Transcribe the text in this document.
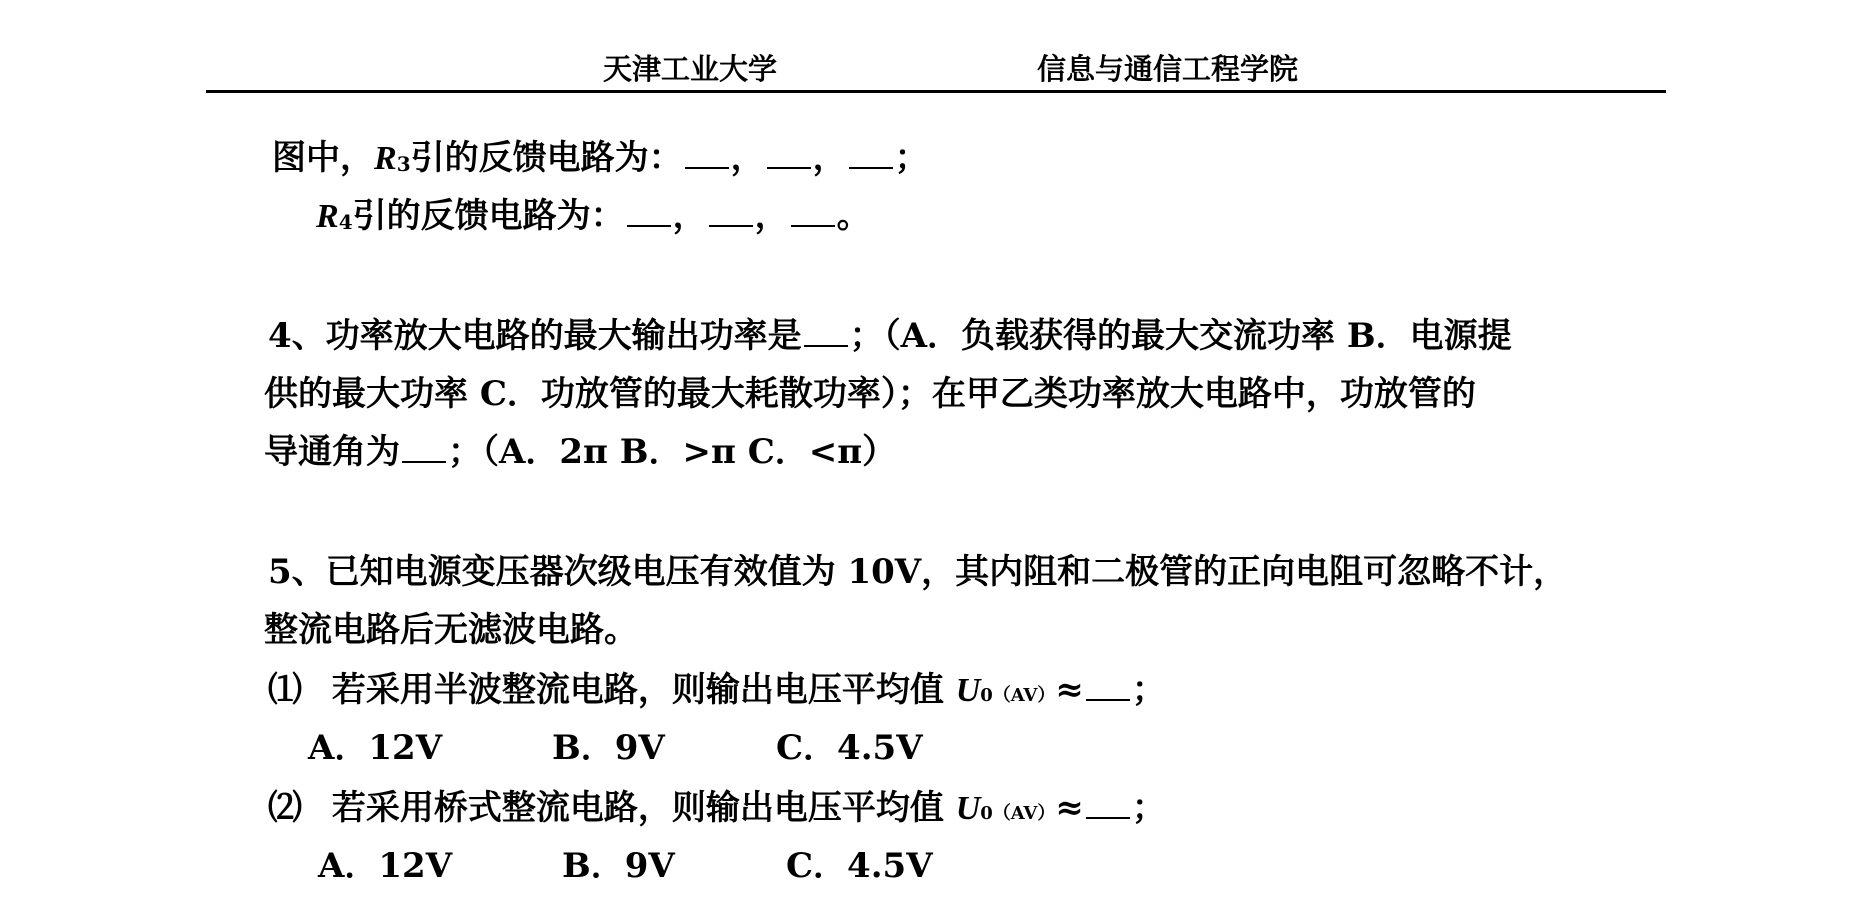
天津工业大学	信息与通信工程学院
图中，R3引的反馈电路为： ， ， ；
R4引的反馈电路为： ， ， 。
4、功率放大电路的最大输出功率是 ；（A．负载获得的最大交流功率 B．电源提
供的最大功率 C．功放管的最大耗散功率）；在甲乙类功率放大电路中，功放管的
导通角为 ；（A．2π B．>π C．<π）
5、已知电源变压器次级电压有效值为 10V，其内阻和二极管的正向电阻可忽略不计，
整流电路后无滤波电路。
⑴ 若采用半波整流电路，则输出电压平均值 U0（AV）≈ ；
A．12V	B．9V	C．4.5V
⑵ 若采用桥式整流电路，则输出电压平均值 U0（AV）≈ ；
A．12V	B．9V	C．4.5V
